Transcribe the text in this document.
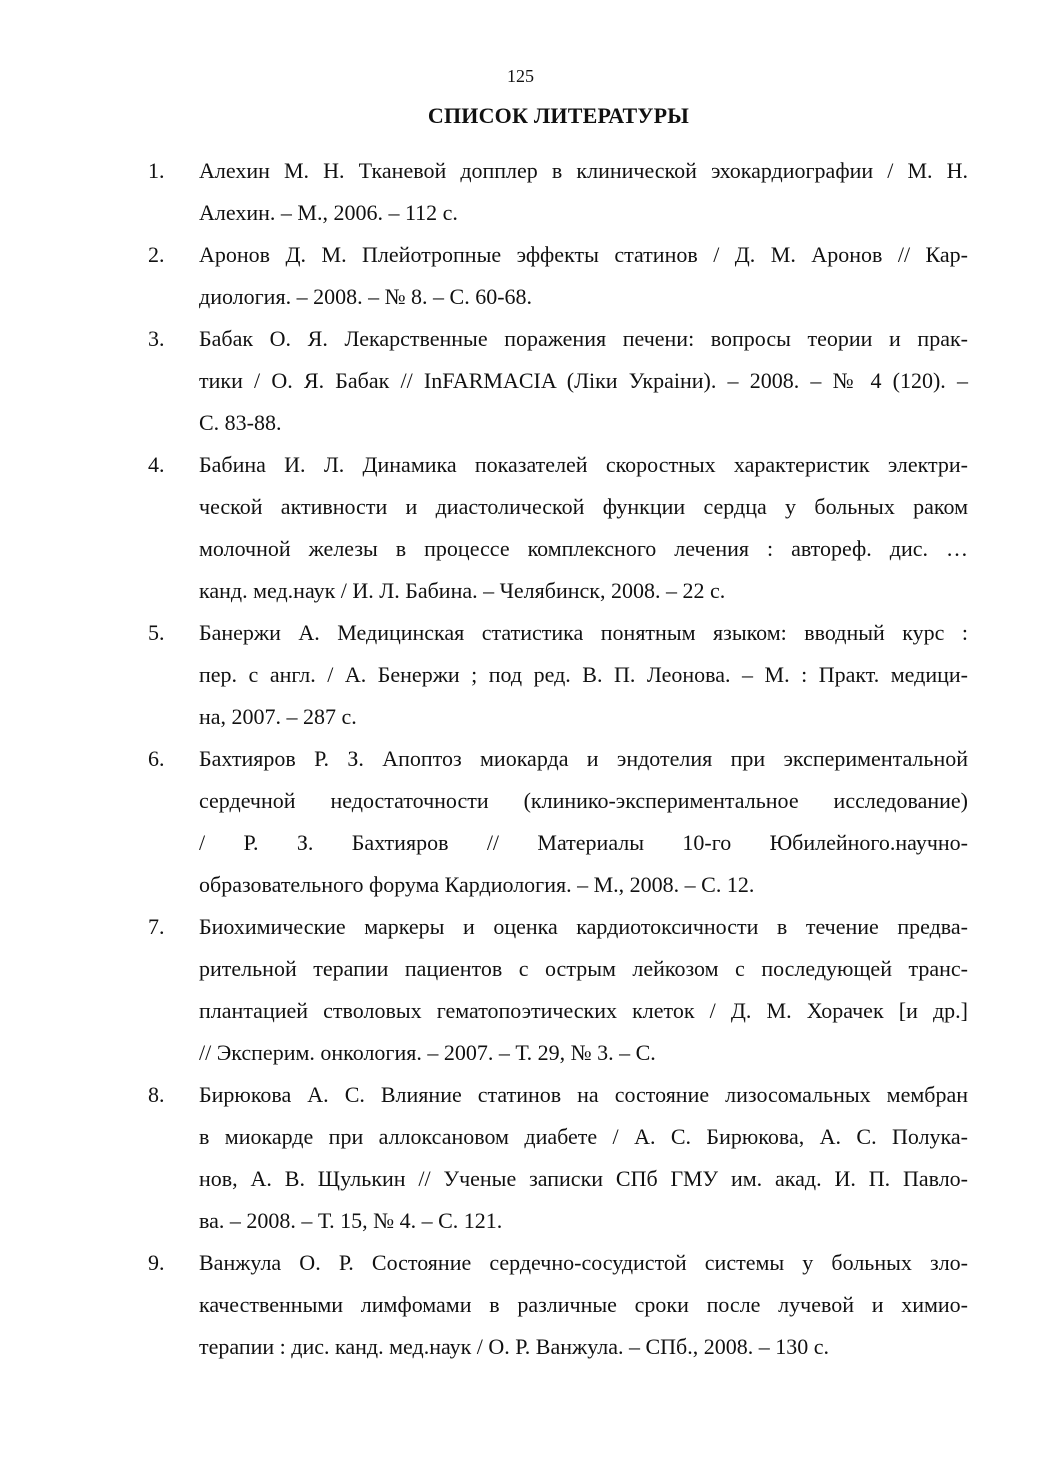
125
СПИСОК ЛИТЕРАТУРЫ
1. Алехин М. Н. Тканевой допплер в клинической эхокардиографии / М. Н.
Алехин. – М., 2006. – 112 с.
2. Аронов Д. М. Плейотропные эффекты статинов / Д. М. Аронов // Кар-
диология. – 2008. – № 8. – С. 60-68.
3. Бабак О. Я. Лекарственные поражения печени: вопросы теории и прак-
тики / О. Я. Бабак // InFARMACIA (Лiки Украiни). – 2008. – № 4 (120). –
С. 83-88.
4. Бабина И. Л. Динамика показателей скоростных характеристик электри-
ческой активности и диастолической функции сердца у больных раком
молочной железы в процессе комплексного лечения : автореф. дис. …
канд. мед.наук / И. Л. Бабина. – Челябинск, 2008. – 22 с.
5. Банержи А. Медицинская статистика понятным языком: вводный курс :
пер. с англ. / А. Бенержи ; под ред. В. П. Леонова. – М. : Практ. медици-
на, 2007. – 287 с.
6. Бахтияров Р. З. Апоптоз миокарда и эндотелия при экспериментальной
сердечной недостаточности (клинико-экспериментальное исследование)
/ Р. З. Бахтияров // Материалы 10-го Юбилейного.научно-
образовательного форума Кардиология. – М., 2008. – С. 12.
7. Биохимические маркеры и оценка кардиотоксичности в течение предва-
рительной терапии пациентов с острым лейкозом с последующей транс-
плантацией стволовых гематопоэтических клеток / Д. М. Хорачек [и др.]
// Эксперим. онкология. – 2007. – Т. 29, № 3. – С.
8. Бирюкова А. С. Влияние статинов на состояние лизосомальных мембран
в миокарде при аллоксановом диабете / А. С. Бирюкова, А. С. Полука-
нов, А. В. Щулькин // Ученые записки СПб ГМУ им. акад. И. П. Павло-
ва. – 2008. – Т. 15, № 4. – С. 121.
9. Ванжула О. Р. Состояние сердечно-сосудистой системы у больных зло-
качественными лимфомами в различные сроки после лучевой и химио-
терапии : дис. канд. мед.наук / О. Р. Ванжула. – СПб., 2008. – 130 с.
